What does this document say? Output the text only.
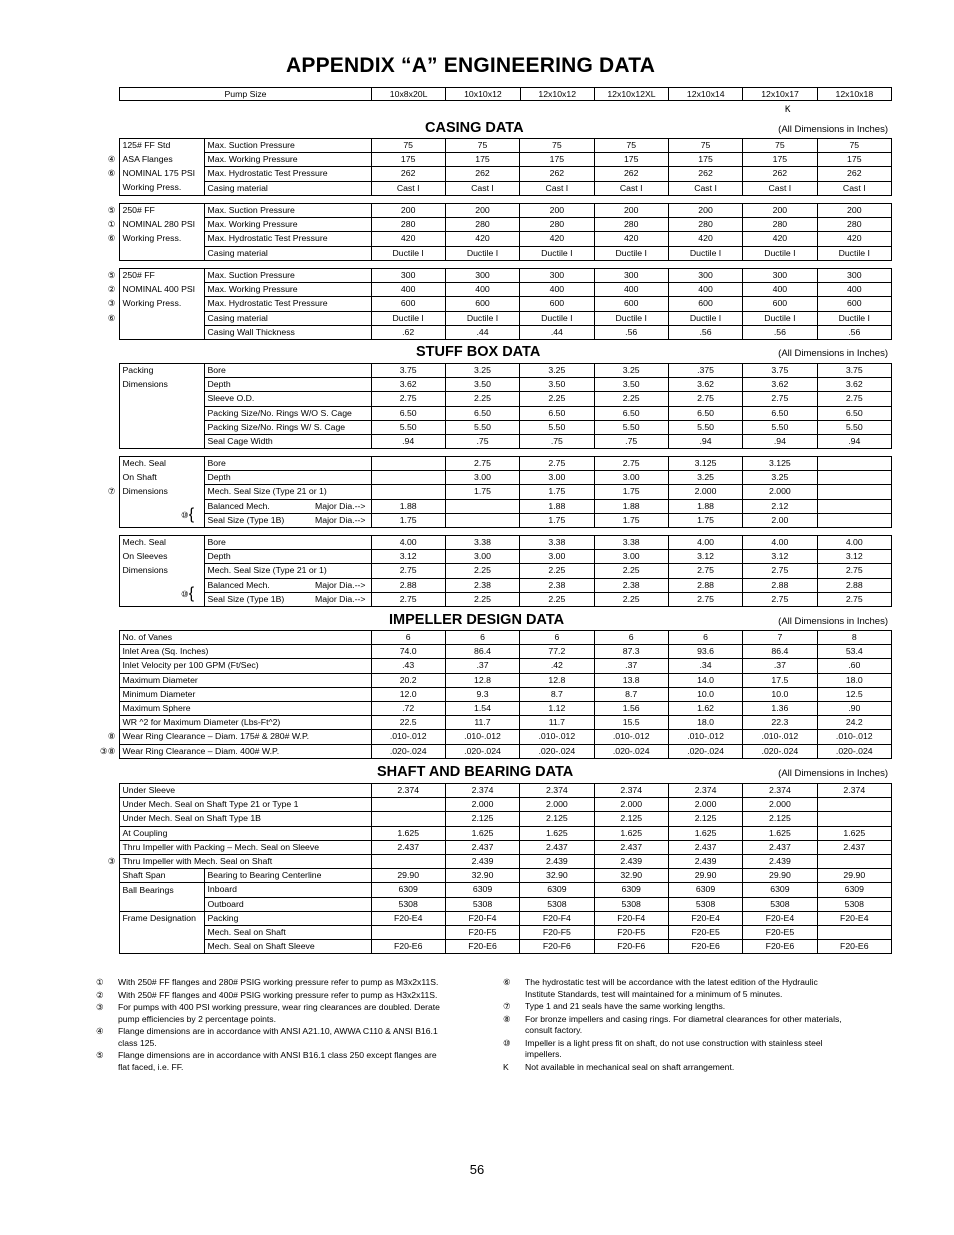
APPENDIX “A” ENGINEERING DATA
Pump Size	10x8x20L	10x10x12	12x10x12	12x10x12XL	12x10x14	12x10x17	12x10x18
K
CASING DATA	(All Dimensions in Inches)
	125# FF Std	Max. Suction Pressure	75	75	75	75	75	75	75
④	ASA Flanges	Max. Working Pressure	175	175	175	175	175	175	175
⑥	NOMINAL 175 PSI	Max. Hydrostatic Test Pressure	262	262	262	262	262	262	262
	Working Press.	Casing material	Cast I	Cast I	Cast I	Cast I	Cast I	Cast I	Cast I
⑤	250# FF	Max. Suction Pressure	200	200	200	200	200	200	200
①	NOMINAL 280 PSI	Max. Working Pressure	280	280	280	280	280	280	280
⑥	Working Press.	Max. Hydrostatic Test Pressure	420	420	420	420	420	420	420
		Casing material	Ductile I	Ductile I	Ductile I	Ductile I	Ductile I	Ductile I	Ductile I
⑤	250# FF	Max. Suction Pressure	300	300	300	300	300	300	300
②	NOMINAL 400 PSI	Max. Working Pressure	400	400	400	400	400	400	400
③	Working Press.	Max. Hydrostatic Test Pressure	600	600	600	600	600	600	600
⑥		Casing material	Ductile I	Ductile I	Ductile I	Ductile I	Ductile I	Ductile I	Ductile I
		Casing Wall Thickness	.62	.44	.44	.56	.56	.56	.56
STUFF BOX DATA	(All Dimensions in Inches)
	Packing	Bore	3.75	3.25	3.25	3.25	.375	3.75	3.75
	Dimensions	Depth	3.62	3.50	3.50	3.50	3.62	3.62	3.62
		Sleeve O.D.	2.75	2.25	2.25	2.25	2.75	2.75	2.75
		Packing Size/No. Rings W/O S. Cage	6.50	6.50	6.50	6.50	6.50	6.50	6.50
		Packing Size/No. Rings W/ S. Cage	5.50	5.50	5.50	5.50	5.50	5.50	5.50
		Seal Cage Width	.94	.75	.75	.75	.94	.94	.94
	Mech. Seal	Bore		2.75	2.75	2.75	3.125	3.125	
	On Shaft	Depth		3.00	3.00	3.00	3.25	3.25	
⑦	Dimensions	Mech. Seal Size (Type 21 or 1)		1.75	1.75	1.75	2.000	2.000	

		Balanced Mech. Major Dia.-->	1.88		1.88	1.88	1.88	2.12	

		Seal Size (Type 1B) Major Dia.-->	1.75		1.75	1.75	1.75	2.00	
	Mech. Seal	Bore	4.00	3.38	3.38	3.38	4.00	4.00	4.00
	On Sleeves	Depth	3.12	3.00	3.00	3.00	3.12	3.12	3.12
	Dimensions	Mech. Seal Size (Type 21 or 1)	2.75	2.25	2.25	2.25	2.75	2.75	2.75

		Balanced Mech. Major Dia.-->	2.88	2.38	2.38	2.38	2.88	2.88	2.88

		Seal Size (Type 1B) Major Dia.-->	2.75	2.25	2.25	2.25	2.75	2.75	2.75
IMPELLER DESIGN DATA	(All Dimensions in Inches)
	No. of Vanes	6	6	6	6	6	7	8
	Inlet Area (Sq. Inches)	74.0	86.4	77.2	87.3	93.6	86.4	53.4
	Inlet Velocity per 100 GPM (Ft/Sec)	.43	.37	.42	.37	.34	.37	.60
	Maximum Diameter	20.2	12.8	12.8	13.8	14.0	17.5	18.0
	Minimum Diameter	12.0	9.3	8.7	8.7	10.0	10.0	12.5
	Maximum Sphere	.72	1.54	1.12	1.56	1.62	1.36	.90
	WR ^2 for Maximum Diameter (Lbs-Ft^2)	22.5	11.7	11.7	15.5	18.0	22.3	24.2
⑧	Wear Ring Clearance – Diam. 175# & 280# W.P.	.010-.012	.010-.012	.010-.012	.010-.012	.010-.012	.010-.012	.010-.012
③⑧	Wear Ring Clearance – Diam. 400# W.P.	.020-.024	.020-.024	.020-.024	.020-.024	.020-.024	.020-.024	.020-.024
SHAFT AND BEARING DATA	(All Dimensions in Inches)
	Under Sleeve		2.374	2.374	2.374	2.374	2.374	2.374	2.374
	Under Mech. Seal on Shaft Type 21 or Type 1			2.000	2.000	2.000	2.000	2.000	
	Under Mech. Seal on Shaft Type 1B			2.125	2.125	2.125	2.125	2.125	
	At Coupling		1.625	1.625	1.625	1.625	1.625	1.625	1.625
	Thru Impeller with Packing – Mech. Seal on Sleeve		2.437	2.437	2.437	2.437	2.437	2.437	2.437
③	Thru Impeller with Mech. Seal on Shaft			2.439	2.439	2.439	2.439	2.439	
	Shaft Span	Bearing to Bearing Centerline	29.90	32.90	32.90	32.90	29.90	29.90	29.90
	Ball Bearings	Inboard	6309	6309	6309	6309	6309	6309	6309
		Outboard	5308	5308	5308	5308	5308	5308	5308
	Frame Designation	Packing	F20-E4	F20-F4	F20-F4	F20-F4	F20-E4	F20-E4	F20-E4
		Mech. Seal on Shaft		F20-F5	F20-F5	F20-F5	F20-E5	F20-E5	
		Mech. Seal on Shaft Sleeve	F20-E6	F20-E6	F20-F6	F20-F6	F20-E6	F20-E6	F20-E6
① With 250# FF flanges and 280# PSIG working pressure refer to pump as M3x2x11S.
② With 250# FF flanges and 400# PSIG working pressure refer to pump as H3x2x11S.
③ For pumps with 400 PSI working pressure, wear ring clearances are doubled. Derate pump efficiencies by 2 percentage points.
④ Flange dimensions are in accordance with ANSI A21.10, AWWA C110 & ANSI B16.1 class 125.
⑤ Flange dimensions are in accordance with ANSI B16.1 class 250 except flanges are flat faced, i.e. FF.
⑥ The hydrostatic test will be accordance with the latest edition of the Hydraulic Institute Standards, test will maintained for a minimum of 5 minutes.
⑦ Type 1 and 21 seals have the same working lengths.
⑧ For bronze impellers and casing rings. For diametral clearances for other materials, consult factory.
⑩ Impeller is a light press fit on shaft, do not use construction with stainless steel impellers.
K Not available in mechanical seal on shaft arrangement.
56
⑩{
⑩{
